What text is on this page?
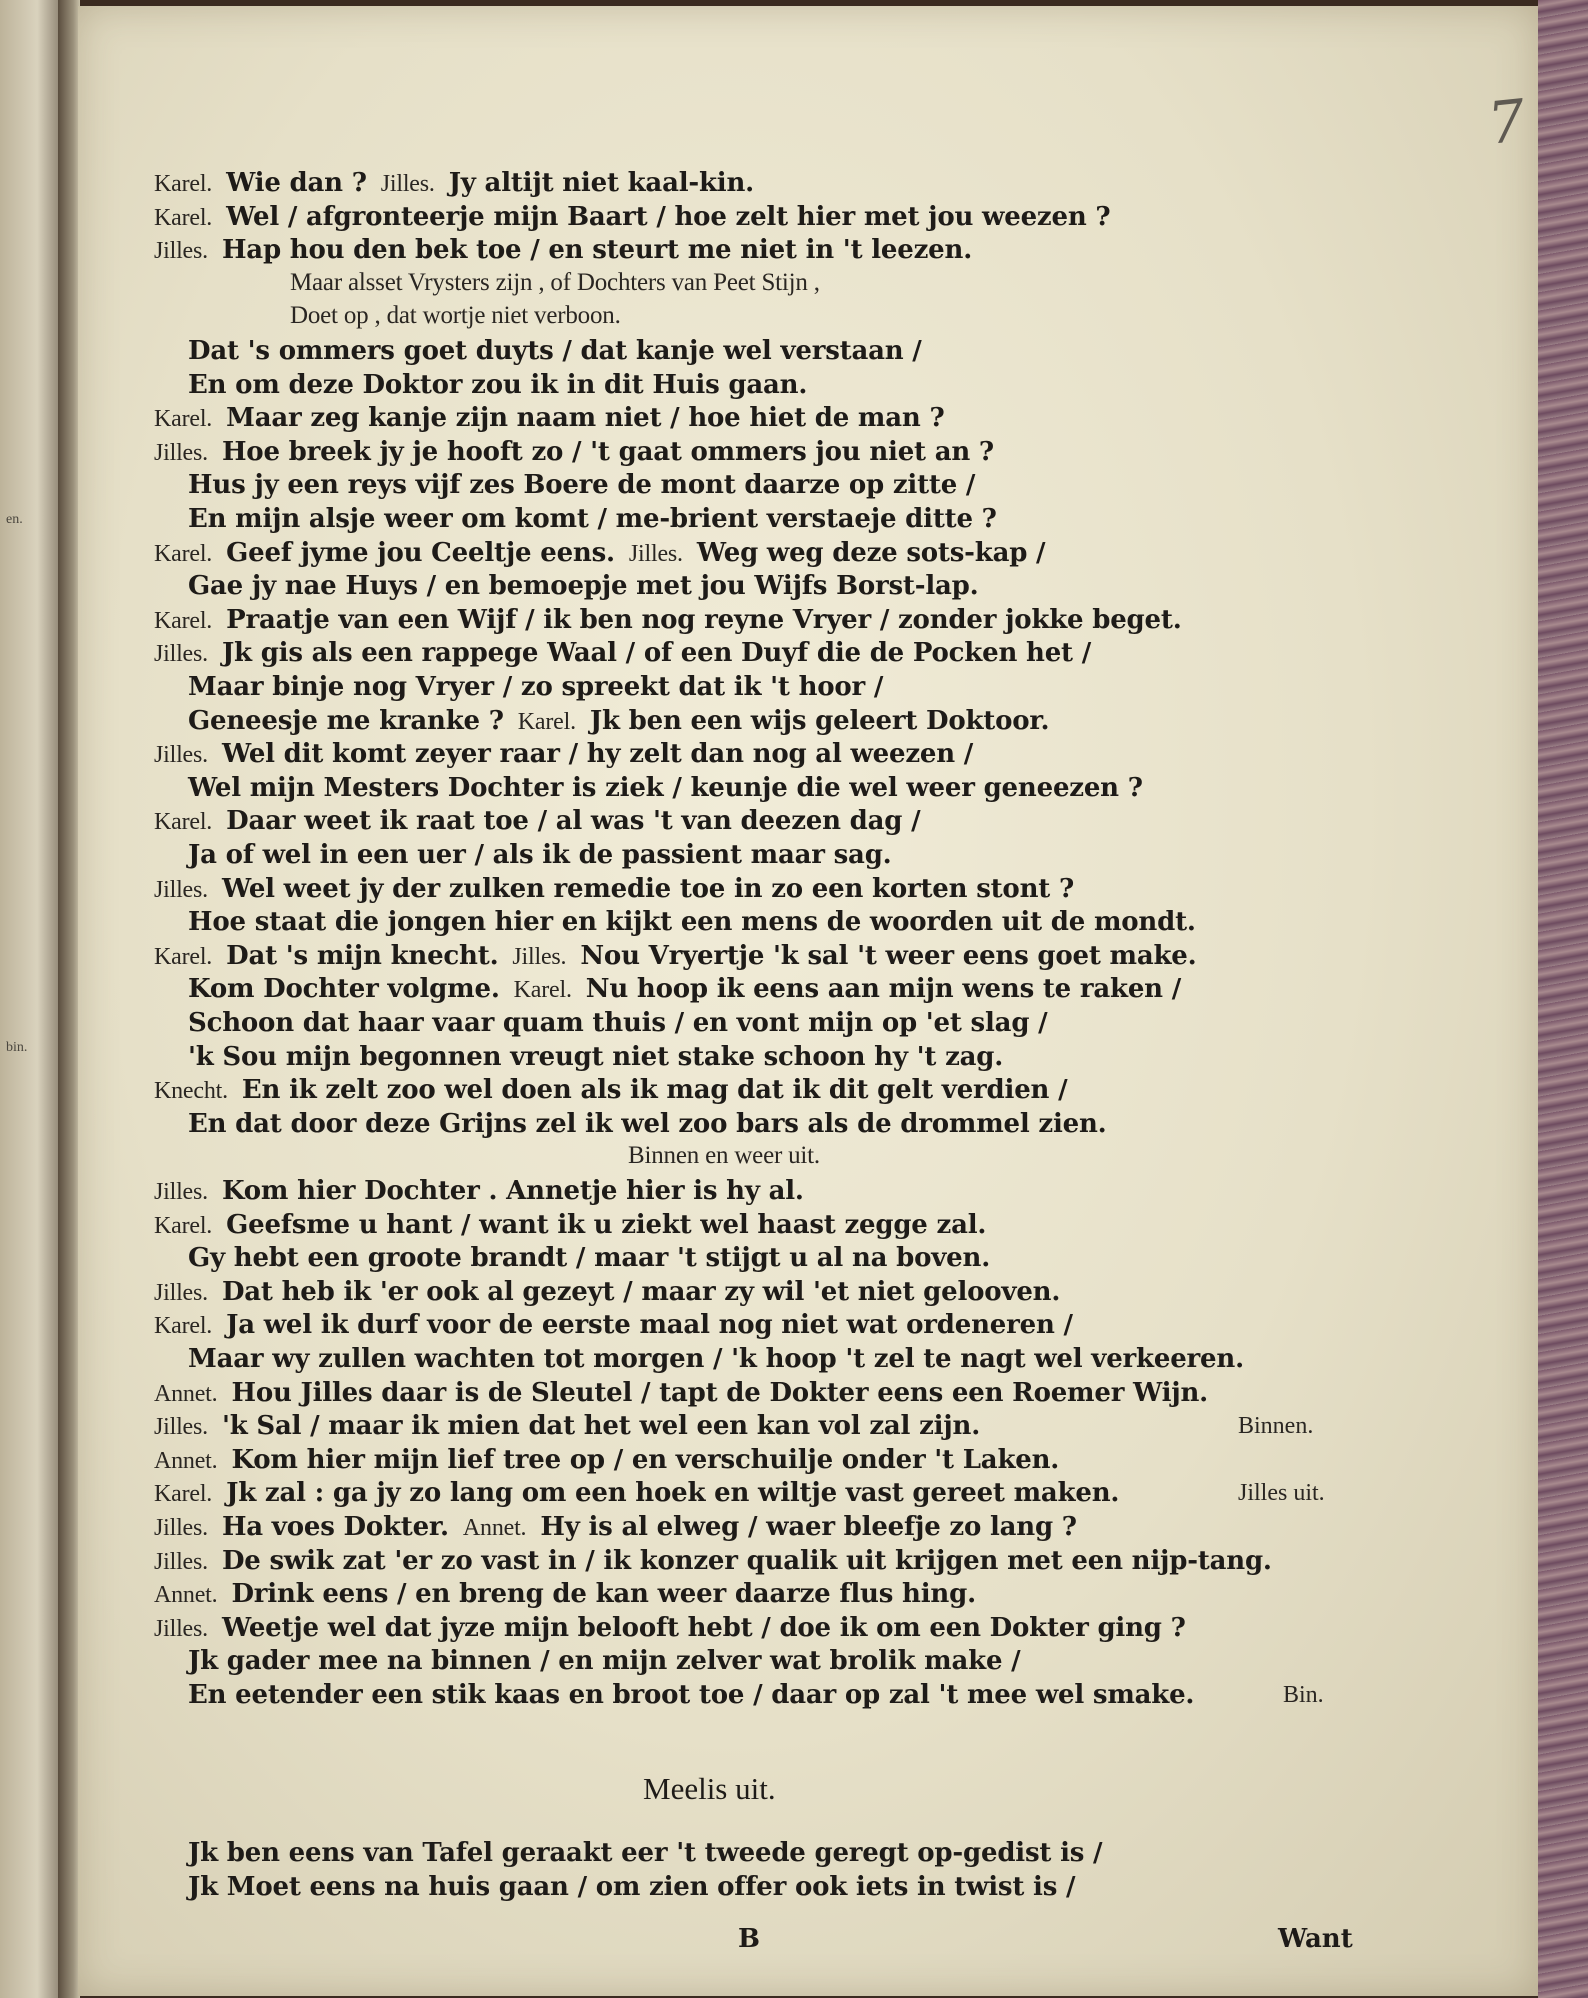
en.
bin.
Karel. Wie dan ? Jilles. Jy altijt niet kaal-kin.
Karel. Wel / afgronteerje mijn Baart / hoe zelt hier met jou weezen ?
Jilles. Hap hou den bek toe / en steurt me niet in 't leezen.
Maar alsset Vrysters zijn , of Dochters van Peet Stijn ,
Doet op , dat wortje niet verboon.
Dat 's ommers goet duyts / dat kanje wel verstaan /
En om deze Doktor zou ik in dit Huis gaan.
Karel. Maar zeg kanje zijn naam niet / hoe hiet de man ?
Jilles. Hoe breek jy je hooft zo / 't gaat ommers jou niet an ?
Hus jy een reys vijf zes Boere de mont daarze op zitte /
En mijn alsje weer om komt / me-brient verstaeje ditte ?
Karel. Geef jyme jou Ceeltje eens. Jilles. Weg weg deze sots-kap /
Gae jy nae Huys / en bemoepje met jou Wijfs Borst-lap.
Karel. Praatje van een Wijf / ik ben nog reyne Vryer / zonder jokke beget.
Jilles. Jk gis als een rappege Waal / of een Duyf die de Pocken het /
Maar binje nog Vryer / zo spreekt dat ik 't hoor /
Geneesje me kranke ? Karel. Jk ben een wijs geleert Doktoor.
Jilles. Wel dit komt zeyer raar / hy zelt dan nog al weezen /
Wel mijn Mesters Dochter is ziek / keunje die wel weer geneezen ?
Karel. Daar weet ik raat toe / al was 't van deezen dag /
Ja of wel in een uer / als ik de passient maar sag.
Jilles. Wel weet jy der zulken remedie toe in zo een korten stont ?
Hoe staat die jongen hier en kijkt een mens de woorden uit de mondt.
Karel. Dat 's mijn knecht. Jilles. Nou Vryertje 'k sal 't weer eens goet make.
Kom Dochter volgme. Karel. Nu hoop ik eens aan mijn wens te raken /
Schoon dat haar vaar quam thuis / en vont mijn op 'et slag /
'k Sou mijn begonnen vreugt niet stake schoon hy 't zag.
Knecht. En ik zelt zoo wel doen als ik mag dat ik dit gelt verdien /
En dat door deze Grijns zel ik wel zoo bars als de drommel zien.
Binnen en weer uit.
Jilles. Kom hier Dochter . Annetje hier is hy al.
Karel. Geefsme u hant / want ik u ziekt wel haast zegge zal.
Gy hebt een groote brandt / maar 't stijgt u al na boven.
Jilles. Dat heb ik 'er ook al gezeyt / maar zy wil 'et niet gelooven.
Karel. Ja wel ik durf voor de eerste maal nog niet wat ordeneren /
Maar wy zullen wachten tot morgen / 'k hoop 't zel te nagt wel verkeeren.
Annet. Hou Jilles daar is de Sleutel / tapt de Dokter eens een Roemer Wijn.
Jilles. 'k Sal / maar ik mien dat het wel een kan vol zal zijn.	Binnen.
Annet. Kom hier mijn lief tree op / en verschuilje onder 't Laken.
Karel. Jk zal : ga jy zo lang om een hoek en wiltje vast gereet maken.	Jilles uit.
Jilles. Ha voes Dokter. Annet. Hy is al elweg / waer bleefje zo lang ?
Jilles. De swik zat 'er zo vast in / ik konzer qualik uit krijgen met een nijp-tang.
Annet. Drink eens / en breng de kan weer daarze flus hing.
Jilles. Weetje wel dat jyze mijn belooft hebt / doe ik om een Dokter ging ?
Jk gader mee na binnen / en mijn zelver wat brolik make /
En eetender een stik kaas en broot toe / daar op zal 't mee wel smake.	Bin.
Meelis uit.
Jk ben eens van Tafel geraakt eer 't tweede geregt op-gedist is /
Jk Moet eens na huis gaan / om zien offer ook iets in twist is /
B	Want
7
